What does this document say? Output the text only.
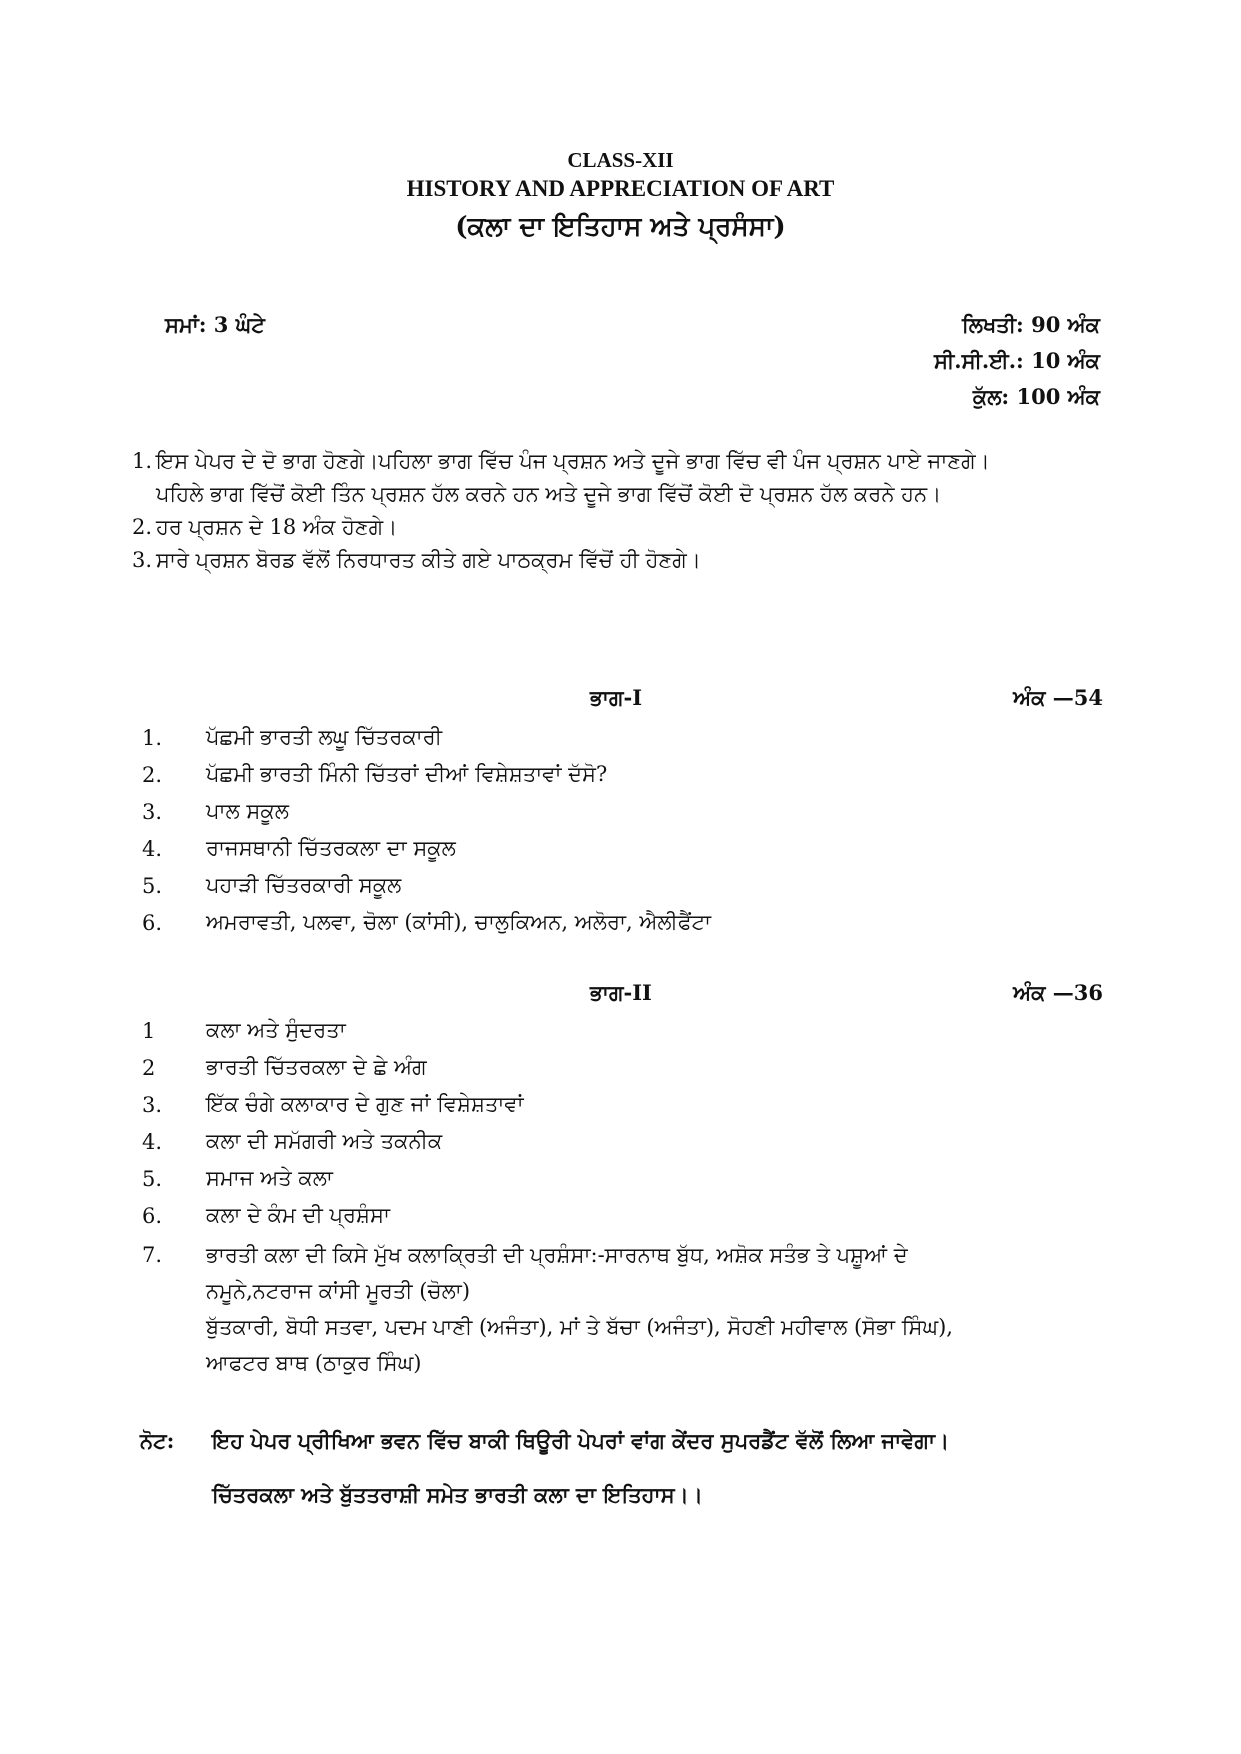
CLASS-XII
HISTORY AND APPRECIATION OF ART
(ਕਲਾ ਦਾ ਇਤਿਹਾਸ ਅਤੇ ਪ੍ਰਸੰਸਾ)
ਸਮਾਂ: 3 ਘੰਟੇ	ਲਿਖਤੀ: 90 ਅੰਕ
ਸੀ.ਸੀ.ਈ.: 10 ਅੰਕ
ਕੁੱਲ: 100 ਅੰਕ
1. ਇਸ ਪੇਪਰ ਦੇ ਦੋ ਭਾਗ ਹੋਣਗੇ।ਪਹਿਲਾ ਭਾਗ ਵਿੱਚ ਪੰਜ ਪ੍ਰਸ਼ਨ ਅਤੇ ਦੂਜੇ ਭਾਗ ਵਿੱਚ ਵੀ ਪੰਜ ਪ੍ਰਸ਼ਨ ਪਾਏ ਜਾਣਗੇ।
ਪਹਿਲੇ ਭਾਗ ਵਿੱਚੋਂ ਕੋਈ ਤਿੰਨ ਪ੍ਰਸ਼ਨ ਹੱਲ ਕਰਨੇ ਹਨ ਅਤੇ ਦੂਜੇ ਭਾਗ ਵਿੱਚੋਂ ਕੋਈ ਦੋ ਪ੍ਰਸ਼ਨ ਹੱਲ ਕਰਨੇ ਹਨ।
2. ਹਰ ਪ੍ਰਸ਼ਨ ਦੇ 18 ਅੰਕ ਹੋਣਗੇ।
3. ਸਾਰੇ ਪ੍ਰਸ਼ਨ ਬੋਰਡ ਵੱਲੋਂ ਨਿਰਧਾਰਤ ਕੀਤੇ ਗਏ ਪਾਠਕ੍ਰਮ ਵਿੱਚੋਂ ਹੀ ਹੋਣਗੇ।
ਭਾਗ-I	ਅੰਕ —54
1.	ਪੱਛਮੀ ਭਾਰਤੀ ਲਘੂ ਚਿੱਤਰਕਾਰੀ
2.	ਪੱਛਮੀ ਭਾਰਤੀ ਮਿੰਨੀ ਚਿੱਤਰਾਂ ਦੀਆਂ ਵਿਸ਼ੇਸ਼ਤਾਵਾਂ ਦੱਸੋ?
3.	ਪਾਲ ਸਕੂਲ
4.	ਰਾਜਸਥਾਨੀ ਚਿੱਤਰਕਲਾ ਦਾ ਸਕੂਲ
5.	ਪਹਾੜੀ ਚਿੱਤਰਕਾਰੀ ਸਕੂਲ
6.	ਅਮਰਾਵਤੀ, ਪਲਵਾ, ਚੋਲਾ (ਕਾਂਸੀ), ਚਾਲੁਕਿਅਨ, ਅਲੋਰਾ, ਐਲੀਫੈਂਟਾ
ਭਾਗ-II	ਅੰਕ —36
1	ਕਲਾ ਅਤੇ ਸੁੰਦਰਤਾ
2	ਭਾਰਤੀ ਚਿੱਤਰਕਲਾ ਦੇ ਛੇ ਅੰਗ
3.	ਇੱਕ ਚੰਗੇ ਕਲਾਕਾਰ ਦੇ ਗੁਣ ਜਾਂ ਵਿਸ਼ੇਸ਼ਤਾਵਾਂ
4.	ਕਲਾ ਦੀ ਸਮੱਗਰੀ ਅਤੇ ਤਕਨੀਕ
5.	ਸਮਾਜ ਅਤੇ ਕਲਾ
6.	ਕਲਾ ਦੇ ਕੰਮ ਦੀ ਪ੍ਰਸ਼ੰਸਾ
7.	ਭਾਰਤੀ ਕਲਾ ਦੀ ਕਿਸੇ ਮੁੱਖ ਕਲਾਕ੍ਰਿਤੀ ਦੀ ਪ੍ਰਸ਼ੰਸਾ:-ਸਾਰਨਾਥ ਬੁੱਧ, ਅਸ਼ੋਕ ਸਤੰਭ ਤੇ ਪਸ਼ੂਆਂ ਦੇ
ਨਮੂਨੇ,ਨਟਰਾਜ ਕਾਂਸੀ ਮੂਰਤੀ (ਚੋਲਾ)
ਬੁੱਤਕਾਰੀ, ਬੋਧੀ ਸਤਵਾ, ਪਦਮ ਪਾਣੀ (ਅਜੰਤਾ), ਮਾਂ ਤੇ ਬੱਚਾ (ਅਜੰਤਾ), ਸੋਹਣੀ ਮਹੀਵਾਲ (ਸੋਭਾ ਸਿੰਘ),
ਆਫਟਰ ਬਾਥ (ਠਾਕੁਰ ਸਿੰਘ)
ਨੋਟ: ਇਹ ਪੇਪਰ ਪ੍ਰੀਖਿਆ ਭਵਨ ਵਿੱਚ ਬਾਕੀ ਥਿਊਰੀ ਪੇਪਰਾਂ ਵਾਂਗ ਕੇਂਦਰ ਸੁਪਰਡੈਂਟ ਵੱਲੋਂ ਲਿਆ ਜਾਵੇਗਾ।
ਚਿੱਤਰਕਲਾ ਅਤੇ ਬੁੱਤਤਰਾਸ਼ੀ ਸਮੇਤ ਭਾਰਤੀ ਕਲਾ ਦਾ ਇਤਿਹਾਸ।।
